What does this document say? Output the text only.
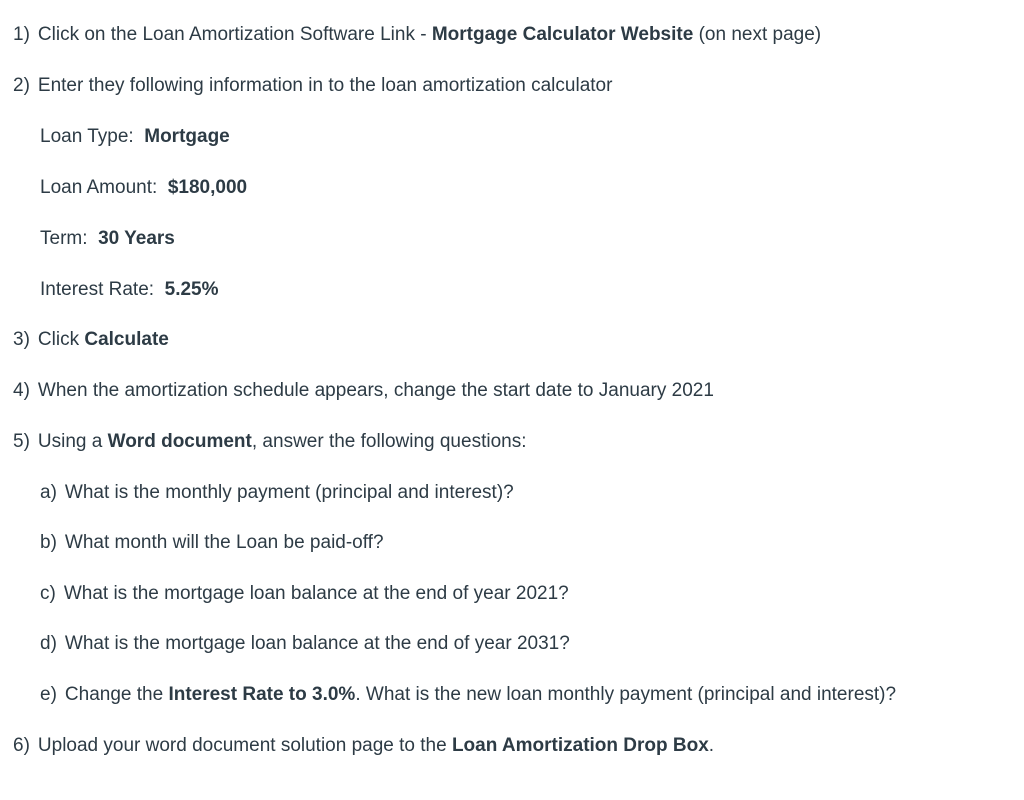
1) Click on the Loan Amortization Software Link - Mortgage Calculator Website (on next page)
2) Enter they following information in to the loan amortization calculator
Loan Type: Mortgage
Loan Amount: $180,000
Term: 30 Years
Interest Rate: 5.25%
3) Click Calculate
4) When the amortization schedule appears, change the start date to January 2021
5) Using a Word document, answer the following questions:
a) What is the monthly payment (principal and interest)?
b) What month will the Loan be paid-off?
c) What is the mortgage loan balance at the end of year 2021?
d) What is the mortgage loan balance at the end of year 2031?
e) Change the Interest Rate to 3.0%. What is the new loan monthly payment (principal and interest)?
6) Upload your word document solution page to the Loan Amortization Drop Box.
